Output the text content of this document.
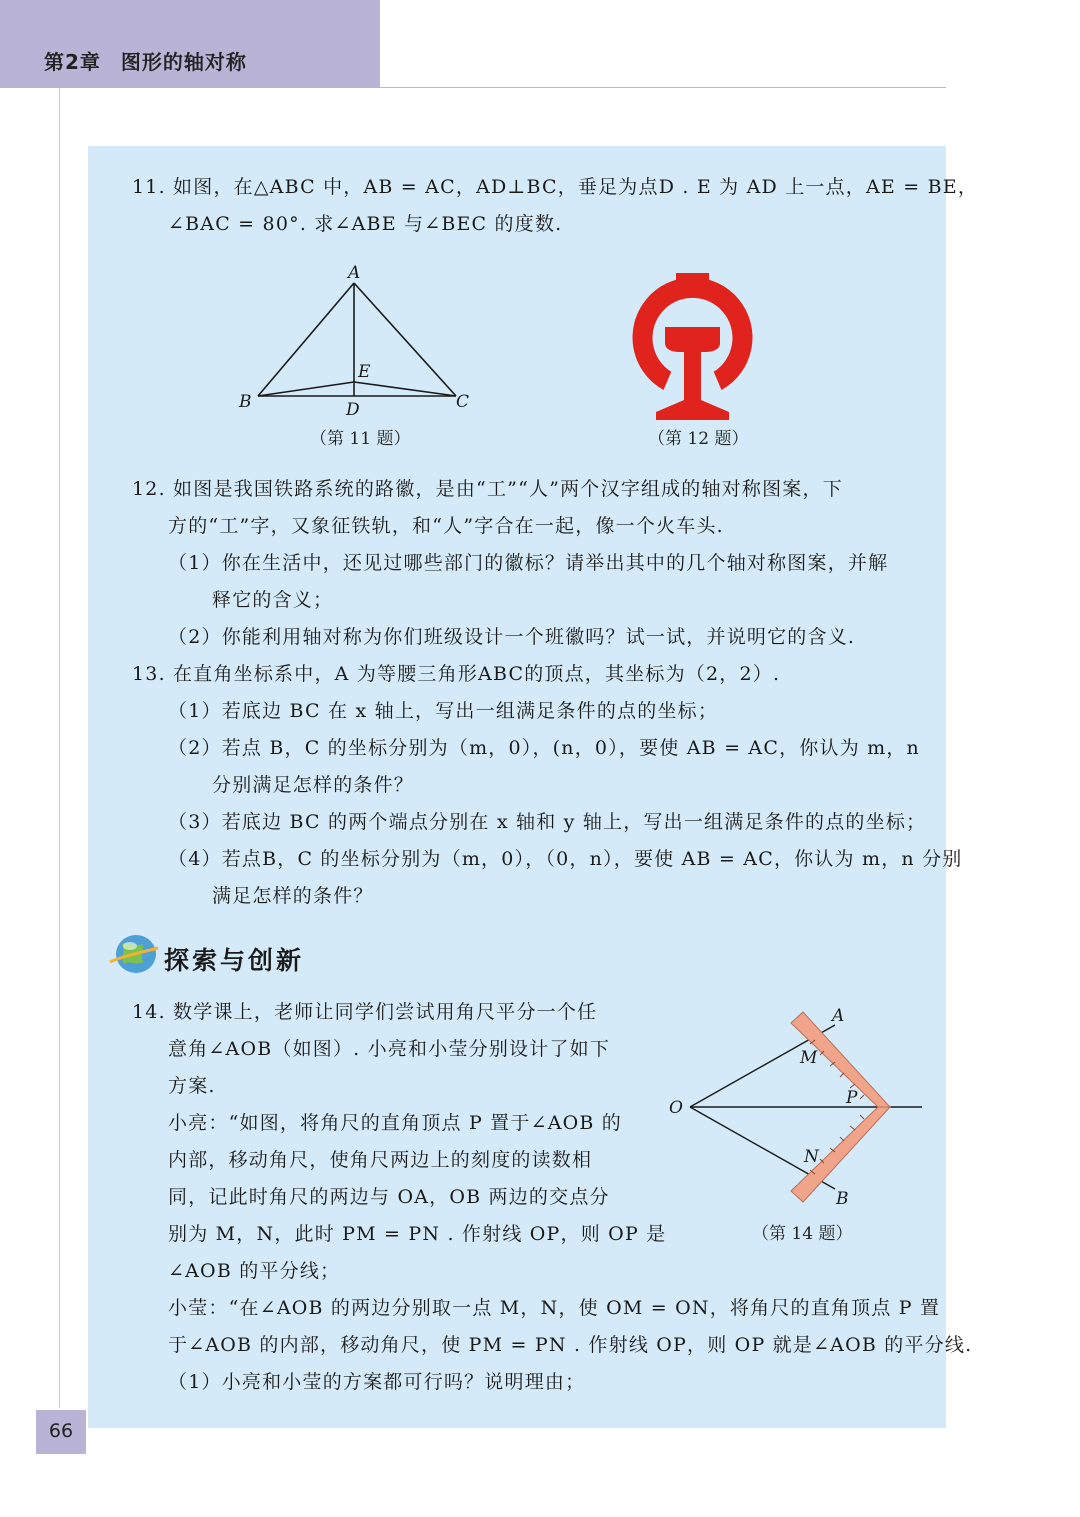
第2章 图形的轴对称
11. 如图，在△ABC 中，AB = AC，AD⊥BC，垂足为点D . E 为 AD 上一点，AE = BE，
∠BAC = 80°. 求∠ABE 与∠BEC 的度数.
A
B	C
D
E
（第 11 题）	（第 12 题）
12. 如图是我国铁路系统的路徽，是由“工”“人”两个汉字组成的轴对称图案，下
方的“工”字，又象征铁轨，和“人”字合在一起，像一个火车头.
（1）你在生活中，还见过哪些部门的徽标？请举出其中的几个轴对称图案，并解
释它的含义；
（2）你能利用轴对称为你们班级设计一个班徽吗？试一试，并说明它的含义.
13. 在直角坐标系中，A 为等腰三角形ABC的顶点，其坐标为（2，2）.
（1）若底边 BC 在 x 轴上，写出一组满足条件的点的坐标；
（2）若点 B，C 的坐标分别为（m，0），(n，0），要使 AB = AC，你认为 m，n
分别满足怎样的条件？
（3）若底边 BC 的两个端点分别在 x 轴和 y 轴上，写出一组满足条件的点的坐标；
（4）若点B，C 的坐标分别为（m，0），（0，n），要使 AB = AC，你认为 m，n 分别
满足怎样的条件？
探索与创新
14. 数学课上，老师让同学们尝试用角尺平分一个任
意角∠AOB（如图）. 小亮和小莹分别设计了如下
方案.
小亮：“如图，将角尺的直角顶点 P 置于∠AOB 的
内部，移动角尺，使角尺两边上的刻度的读数相
同，记此时角尺的两边与 OA，OB 两边的交点分
别为 M，N，此时 PM = PN . 作射线 OP，则 OP 是
∠AOB 的平分线；
小莹：“在∠AOB 的两边分别取一点 M，N，使 OM = ON，将角尺的直角顶点 P 置
于∠AOB 的内部，移动角尺，使 PM = PN . 作射线 OP，则 OP 就是∠AOB 的平分线.
（1）小亮和小莹的方案都可行吗？说明理由；
A
M
O	P
N
B
（第 14 题）
66
